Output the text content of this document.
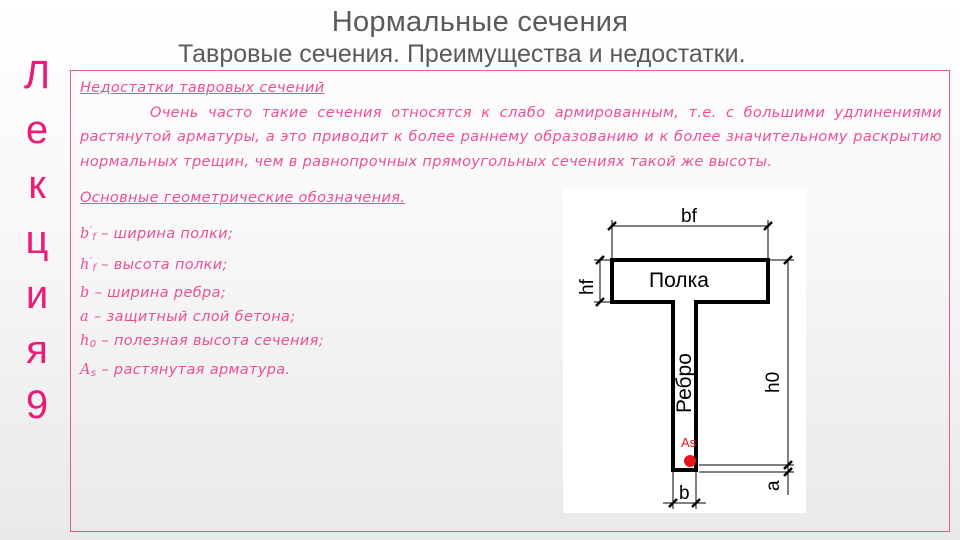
Нормальные сечения
Тавровые сечения. Преимущества и недостатки.
Л
е
к
ц
и
я
9
Недостатки тавровых сечений
Очень часто такие сечения относятся к слабо армированным, т.е. с большими удлинениями растянутой арматуры, а это приводит к более раннему образованию и к более значительному раскрытию нормальных трещин, чем в равнопрочных прямоугольных сечениях такой же высоты.
Основные геометрические обозначения.
$b'_f$ – ширина полки;
$h'_f$ – высота полки;
b – ширина ребра;
a – защитный слой бетона;
$h_0$ – полезная высота сечения;
$A_s$ – растянутая арматура.
bf
hf
h0
a
b
Полка
Ребро
As
